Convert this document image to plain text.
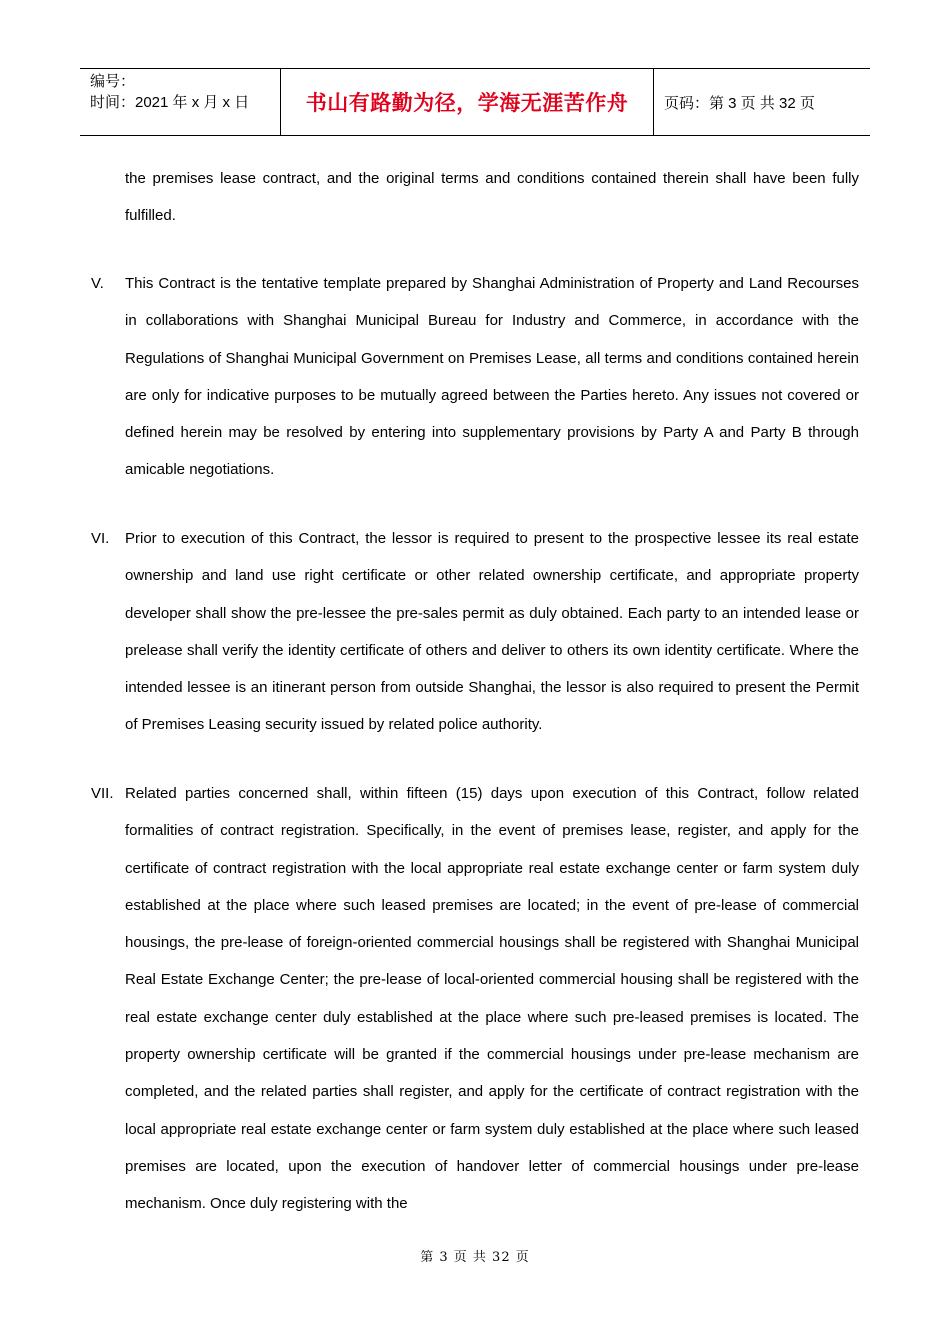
编号：
时间：2021 年 x 月 x 日	书山有路勤为径，学海无涯苦作舟 页码：第 3 页 共 32 页
the premises lease contract, and the original terms and conditions contained therein shall have been fully fulfilled.
V. This Contract is the tentative template prepared by Shanghai Administration of Property and Land Recourses in collaborations with Shanghai Municipal Bureau for Industry and Commerce, in accordance with the Regulations of Shanghai Municipal Government on Premises Lease, all terms and conditions contained herein are only for indicative purposes to be mutually agreed between the Parties hereto. Any issues not covered or defined herein may be resolved by entering into supplementary provisions by Party A and Party B through amicable negotiations.
VI. Prior to execution of this Contract, the lessor is required to present to the prospective lessee its real estate ownership and land use right certificate or other related ownership certificate, and appropriate property developer shall show the pre-lessee the pre-sales permit as duly obtained. Each party to an intended lease or prelease shall verify the identity certificate of others and deliver to others its own identity certificate. Where the intended lessee is an itinerant person from outside Shanghai, the lessor is also required to present the Permit of Premises Leasing security issued by related police authority.
VII. Related parties concerned shall, within fifteen (15) days upon execution of this Contract, follow related formalities of contract registration. Specifically, in the event of premises lease, register, and apply for the certificate of contract registration with the local appropriate real estate exchange center or farm system duly established at the place where such leased premises are located; in the event of pre-lease of commercial housings, the pre-lease of foreign-oriented commercial housings shall be registered with Shanghai Municipal Real Estate Exchange Center; the pre-lease of local-oriented commercial housing shall be registered with the real estate exchange center duly established at the place where such pre-leased premises is located. The property ownership certificate will be granted if the commercial housings under pre-lease mechanism are completed, and the related parties shall register, and apply for the certificate of contract registration with the local appropriate real estate exchange center or farm system duly established at the place where such leased premises are located, upon the execution of handover letter of commercial housings under pre-lease mechanism. Once duly registering with the
第 3 页 共 32 页
